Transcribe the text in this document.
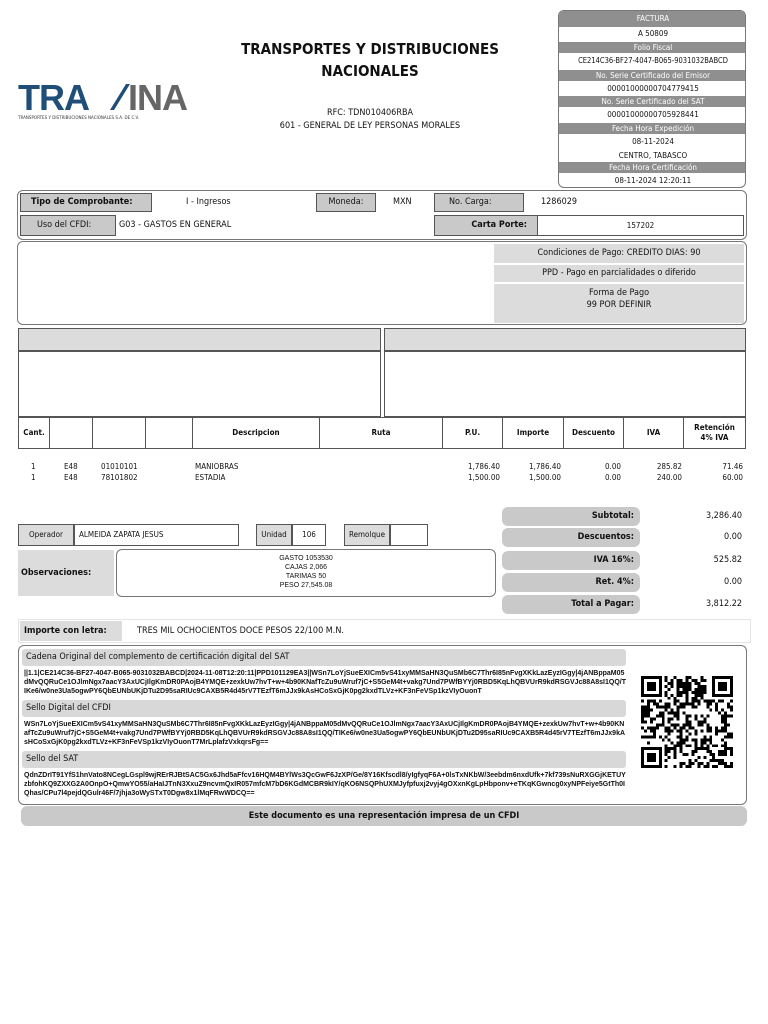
TRA INA
TRANSPORTES Y DISTRIBUCIONES NACIONALES S.A. DE C.V.
TRANSPORTES Y DISTRIBUCIONES
NACIONALES
RFC: TDN010406RBA
601 - GENERAL DE LEY PERSONAS MORALES
FACTURA
A 50809
Folio Fiscal
CE214C36-BF27-4047-B065-9031032BABCD
No. Serie Certificado del Emisor
00001000000704779415
No. Serie Certificado del SAT
00001000000705928441
Fecha Hora Expedición
08-11-2024
CENTRO, TABASCO
Fecha Hora Certificación
08-11-2024 12:20:11
Tipo de Comprobante:	I - Ingresos	Moneda:	MXN	No. Carga:	1286029
Uso del CFDI:	G03 - GASTOS EN GENERAL	Carta Porte:	157202
Condiciones de Pago: CREDITO DIAS: 90
PPD - Pago en parcialidades o diferido
Forma de Pago
99 POR DEFINIR
Cant.	Descripcion	Ruta	P.U.	Importe	Descuento	IVA
Retención
4% IVA
1	E48	01010101	MANIOBRAS	1,786.40	1,786.40	0.00	285.82	71.46
1	E48	78101802	ESTADIA	1,500.00	1,500.00	0.00	240.00	60.00
Operador	ALMEIDA ZAPATA JESUS	Unidad	106	Remolque
Observaciones:
GASTO 1053530
CAJAS 2,066
TARIMAS 50
PESO 27,545.08
Subtotal:	3,286.40
Descuentos:	0.00
IVA 16%:	525.82
Ret. 4%:	0.00
Total a Pagar:	3,812.22
Importe con letra:	TRES MIL OCHOCIENTOS DOCE PESOS 22/100 M.N.
Cadena Original del complemento de certificación digital del SAT
||1.1|CE214C36-BF27-4047-B065-9031032BABCD|2024-11-08T12:20:11|PPD101129EA3||WSn7LoYjSueEXICm5vS41xyMMSaHN3QuSMb6C7Thr6I85nFvgXKkLazEyzIGgy|4jANBppaM05dMvQQRuCe1OJlmNgx7aacY3AxUCjIlgKmDR0PAojB4YMQE+zexkUw7hvT+w+4b90KNafTcZu9uWruf7jC+S5GeM4t+vakg7Und7PWfBYYj0RBD5KqLhQBVUrR9kdRSGVJc88A8sI1QQ/TIKe6/w0ne3Ua5ogwPY6QbEUNbUKjDTu2D95saRIUc9CAXB5R4d45rV7TEzfT6mJJx9kAsHCoSxGjK0pg2kxdTLVz+KF3nFeVSp1kzVIyOuonT
Sello Digital del CFDI
WSn7LoYjSueEXICm5vS41xyMMSaHN3QuSMb6C7Thr6I85nFvgXKkLazEyzIGgy|4jANBppaM05dMvQQRuCe1OJlmNgx7aacY3AxUCjIlgKmDR0PAojB4YMQE+zexkUw7hvT+w+4b90KNafTcZu9uWruf7jC+S5GeM4t+vakg7Und7PWfBYYj0RBD5KqLhQBVUrR9kdRSGVJc88A8sI1QQ/TIKe6/w0ne3Ua5ogwPY6QbEUNbUKjDTu2D95saRIUc9CAXB5R4d45rV7TEzfT6mJJx9kAsHCoSxGjK0pg2kxdTLVz+KF3nFeVSp1kzVIyOuonT7MrLplafzVxkqrsFg==
Sello del SAT
QdnZDrIT91YfS1hnVato8NCegLGspl9wjRErRJBtSAC5Gx6Jhd5aFfcv16HQM4BYlWs3QcGwF6JzXP/Ge/8Y16Kfscdl8/yIgfyqF6A+0lsTxNKbW/3eebdm6nxdUfk+7kf739sNuRXGGjKETUYzbfohKQ9ZXXG2A0OnpO+QmwYO55/aHaIJTnN3XxuZ9ncvmQxIR057mfcM7bD6KGdMCBR9kIY/qKO6NSQPhUXMJyfpfuxj2vyj4gOXxnKgLpHbponv+eTKqKGwncg0xyNPFeiye5GtTh0IQhas/CPu7l4pejdQGulr46F/7jhja3oWySTxT0Dgw8x1lMqFRwWDCQ==
Este documento es una representación impresa de un CFDI
